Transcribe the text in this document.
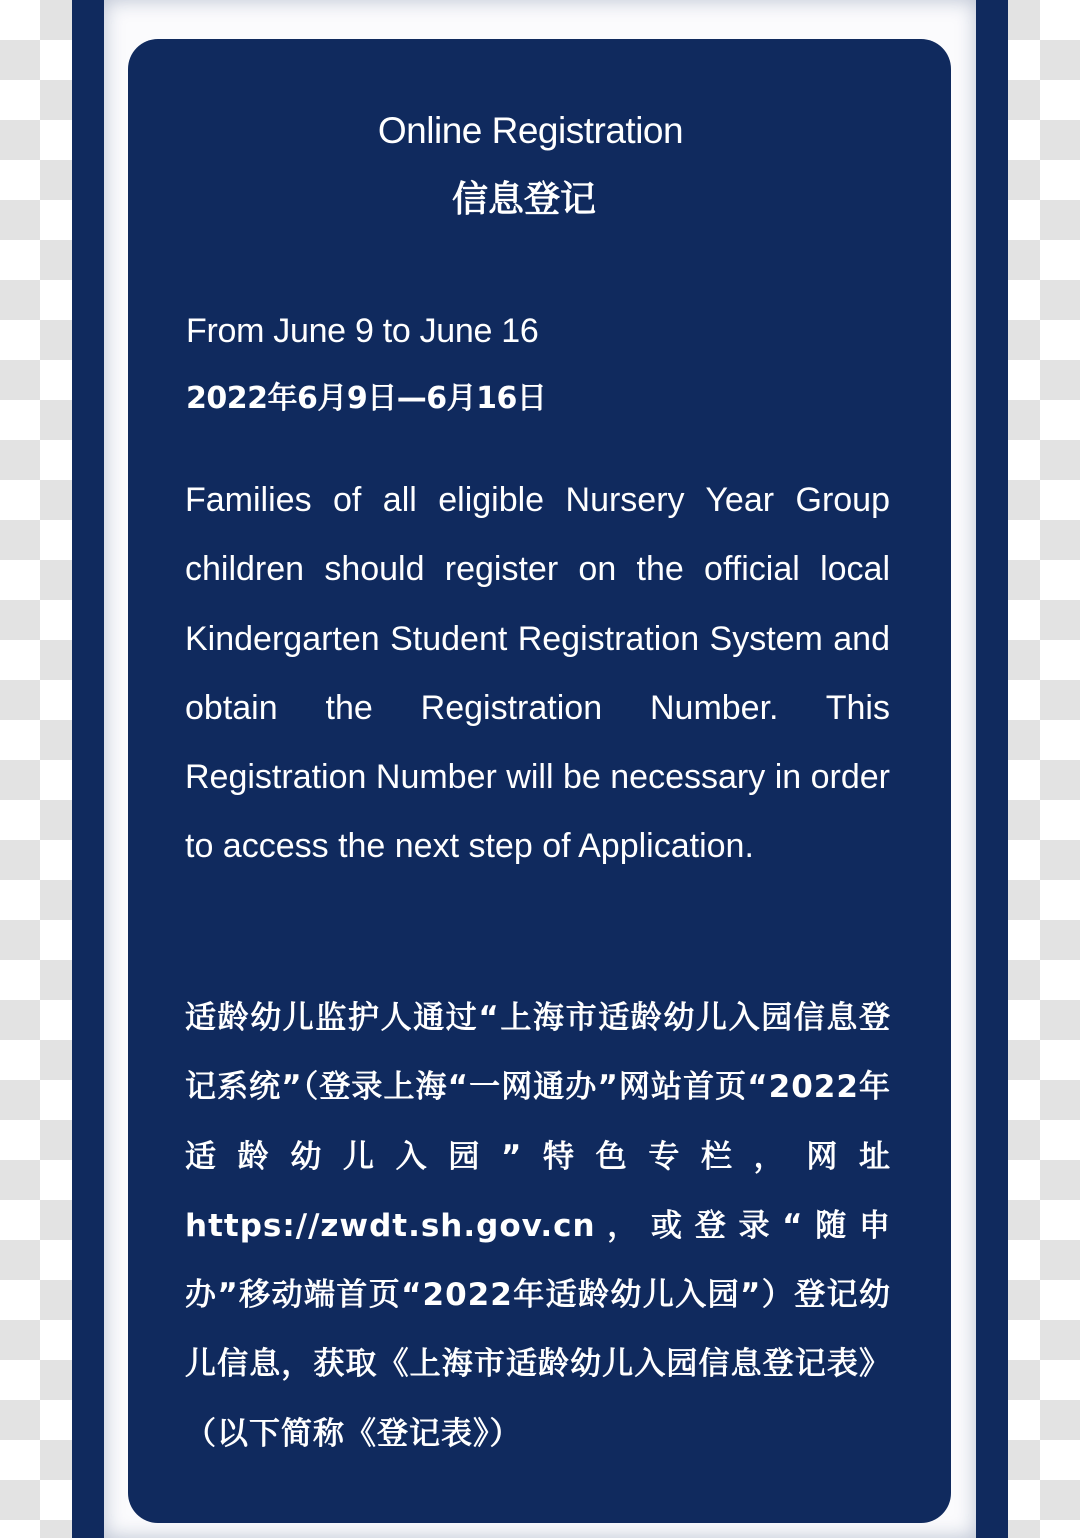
Online Registration
信息登记

From June 9 to June 16

2022年6月9日—6月16日

Families of all eligible Nursery Year Group children should register on the official local Kindergarten Student Registration System and obtain the Registration Number. This Registration Number will be necessary in order to access the next step of Application.

适龄幼儿监护人通过“上海市适龄幼儿入园信息登记系统”（登录上海“一网通办”网站首页“2022年适龄幼儿入园”特色专栏，网址https://zwdt.sh.gov.cn，或登录“随申办”移动端首页“2022年适龄幼儿入园”）登记幼儿信息，获取《上海市适龄幼儿入园信息登记表》（以下简称《登记表》）
